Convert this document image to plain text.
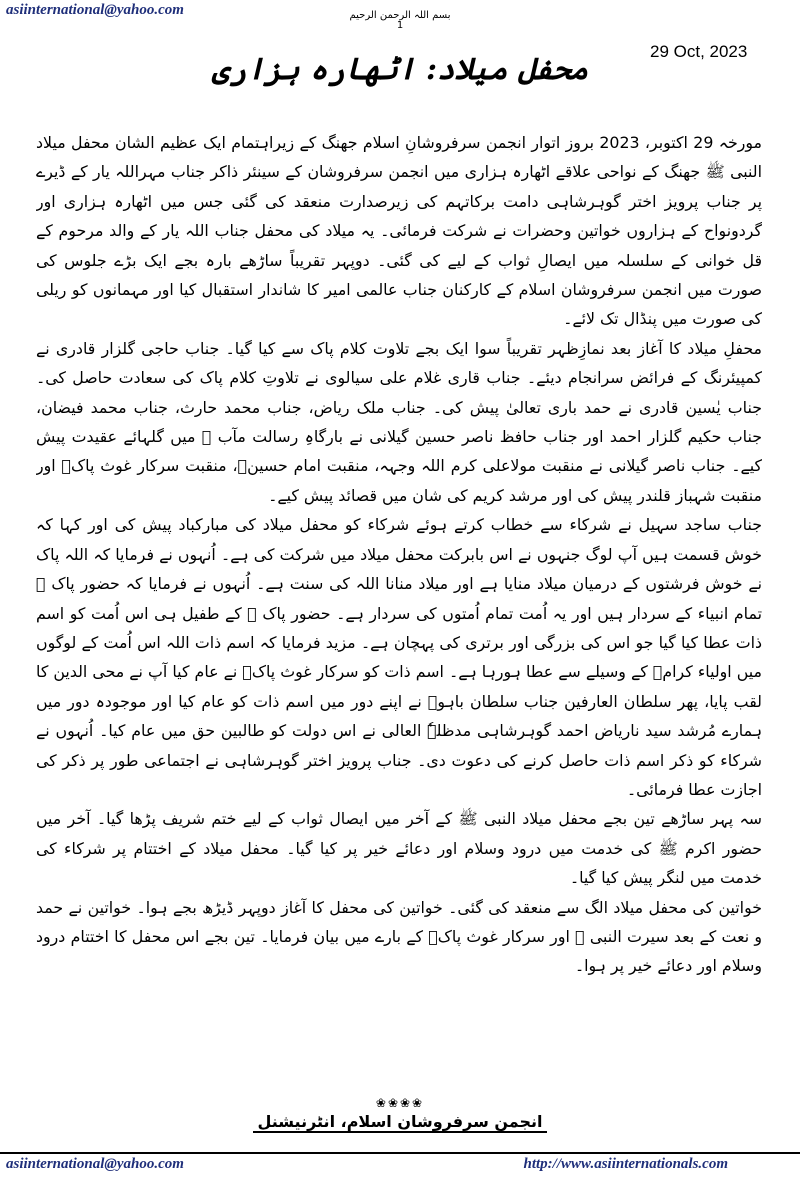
asiinternational@yahoo.com	بسم اللہ الرحمن الرحیم
1
29 Oct, 2023
محفل میلاد: اٹھارہ ہزاری

مورخہ 29 اکتوبر، 2023 بروز اتوار انجمن سرفروشانِ اسلام جھنگ کے زیراہتمام ایک عظیم الشان محفل میلاد النبی ﷺ جھنگ کے نواحی علاقے اٹھارہ ہزاری میں انجمن سرفروشان کے سینئر ذاکر جناب مہراللہ یار کے ڈیرے پر جناب پرویز اختر گوہرشاہی دامت برکاتہم کی زیرصدارت منعقد کی گئی جس میں اٹھارہ ہزاری اور گردونواح کے ہزاروں خواتین وحضرات نے شرکت فرمائی۔ یہ میلاد کی محفل جناب اللہ یار کے والد مرحوم کے قل خوانی کے سلسلہ میں ایصالِ ثواب کے لیے کی گئی۔ دوپہر تقریباً ساڑھے بارہ بجے ایک بڑے جلوس کی صورت میں انجمن سرفروشان اسلام کے کارکنان جناب عالمی امیر کا شاندار استقبال کیا اور مہمانوں کو ریلی کی صورت میں پنڈال تک لائے۔

محفلِ میلاد کا آغاز بعد نمازِظہر تقریباً سوا ایک بجے تلاوت کلام پاک سے کیا گیا۔ جناب حاجی گلزار قادری نے کمپیئرنگ کے فرائض سرانجام دیئے۔ جناب قاری غلام علی سیالوی نے تلاوتِ کلام پاک کی سعادت حاصل کی۔ جناب یٰسین قادری نے حمد باری تعالیٰ پیش کی۔ جناب ملک ریاض، جناب محمد حارث، جناب محمد فیضان، جناب حکیم گلزار احمد اور جناب حافظ ناصر حسین گیلانی نے بارگاہِ رسالت مآب ﷺ میں گلہائے عقیدت پیش کیے۔ جناب ناصر گیلانی نے منقبت مولاعلی کرم اللہ وجہہ، منقبت امام حسینؓ، منقبت سرکار غوث پاکؒ اور منقبت شہباز قلندر پیش کی اور مرشد کریم کی شان میں قصائد پیش کیے۔

جناب ساجد سہیل نے شرکاء سے خطاب کرتے ہوئے شرکاء کو محفل میلاد کی مبارکباد پیش کی اور کہا کہ خوش قسمت ہیں آپ لوگ جنہوں نے اس بابرکت محفل میلاد میں شرکت کی ہے۔ اُنہوں نے فرمایا کہ اللہ پاک نے خوش فرشتوں کے درمیان میلاد منایا ہے اور میلاد منانا اللہ کی سنت ہے۔ اُنہوں نے فرمایا کہ حضور پاک ﷺ تمام انبیاء کے سردار ہیں اور یہ اُمت تمام اُمتوں کی سردار ہے۔ حضور پاک ﷺ کے طفیل ہی اس اُمت کو اسم ذات عطا کیا گیا جو اس کی بزرگی اور برتری کی پہچان ہے۔ مزید فرمایا کہ اسم ذات اللہ اس اُمت کے لوگوں میں اولیاء کرامؒ کے وسیلے سے عطا ہورہا ہے۔ اسم ذات کو سرکار غوث پاکؒ نے عام کیا آپ نے محی الدین کا لقب پایا، پھر سلطان العارفین جناب سلطان باہوؒ نے اپنے دور میں اسم ذات کو عام کیا اور موجودہ دور میں ہمارے مُرشد سید ناریاض احمد گوہرشاہی مدظلہٗ العالی نے اس دولت کو طالبین حق میں عام کیا۔ اُنہوں نے شرکاء کو ذکر اسم ذات حاصل کرنے کی دعوت دی۔ جناب پرویز اختر گوہرشاہی نے اجتماعی طور پر ذکر کی اجازت عطا فرمائی۔

سہ پہر ساڑھے تین بجے محفل میلاد النبی ﷺ کے آخر میں ایصال ثواب کے لیے ختم شریف پڑھا گیا۔ آخر میں حضور اکرم ﷺ کی خدمت میں درود وسلام اور دعائے خیر پر کیا گیا۔ محفل میلاد کے اختتام پر شرکاء کی خدمت میں لنگر پیش کیا گیا۔

خواتین کی محفل میلاد الگ سے منعقد کی گئی۔ خواتین کی محفل کا آغاز دوپہر ڈیڑھ بجے ہوا۔ خواتین نے حمد و نعت کے بعد سیرت النبی ﷺ اور سرکار غوث پاکؒ کے بارے میں بیان فرمایا۔ تین بجے اس محفل کا اختتام درود وسلام اور دعائے خیر پر ہوا۔

❀❀❀❀
انجمن سرفروشان اسلام، انٹرنیشنل
asiinternational@yahoo.com	http://www.asiinternationals.com
